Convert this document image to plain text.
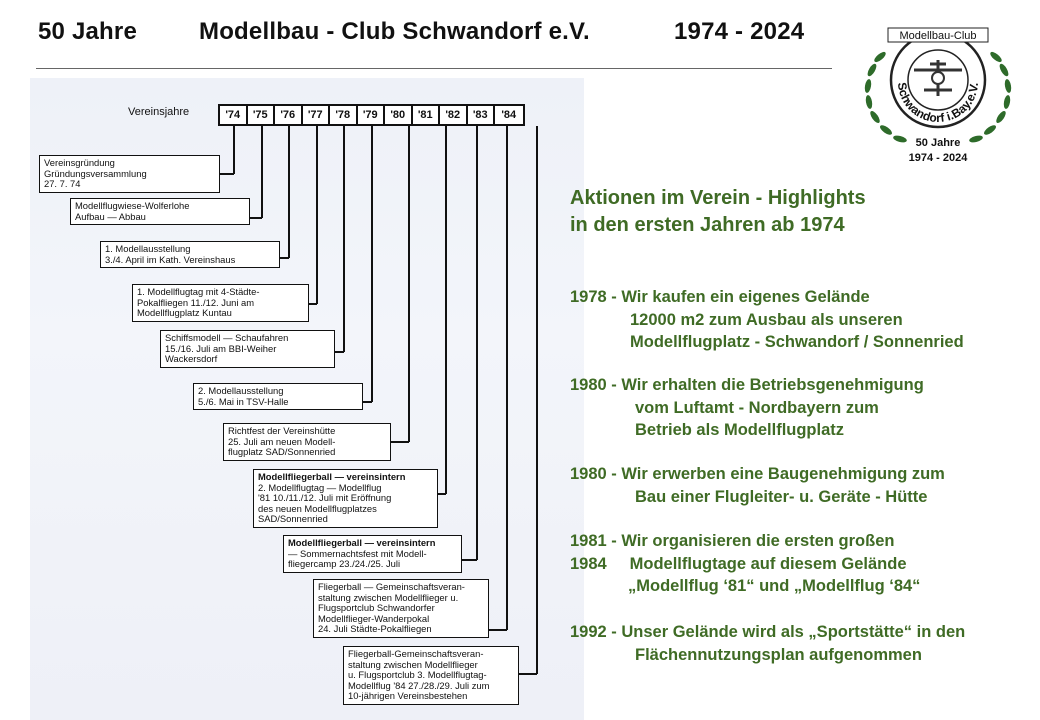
50 Jahre	Modellbau - Club Schwandorf e.V.	1974 - 2024	Modellbau-Club
Schwandorf i.Bay.e.V.
50 Jahre
1974 - 2024

Vereinsjahre	'74	'75	'76	'77	'78	'79	'80	'81	'82	'83	'84
Vereinsgründung
Gründungsversammlung
27. 7. 74
Modellflugwiese-Wolferlohe
Aufbau — Abbau
1. Modellausstellung
3./4. April im Kath. Vereinshaus
1. Modellflugtag mit 4-Städte-
Pokalfliegen 11./12. Juni am
Modellflugplatz Kuntau
Schiffsmodell — Schaufahren
15./16. Juli am BBI-Weiher
Wackersdorf
2. Modellausstellung
5./6. Mai in TSV-Halle
Richtfest der Vereinshütte
25. Juli am neuen Modell-
flugplatz SAD/Sonnenried
Modellfliegerball — vereinsintern
2. Modellflugtag — Modellflug
'81 10./11./12. Juli mit Eröffnung
des neuen Modellflugplatzes
SAD/Sonnenried
Modellfliegerball — vereinsintern
— Sommernachtsfest mit Modell-
fliegercamp 23./24./25. Juli
Fliegerball — Gemeinschaftsveran-
staltung zwischen Modellflieger u.
Flugsportclub Schwandorfer
Modellflieger-Wanderpokal
24. Juli Städte-Pokalfliegen
Fliegerball-Gemeinschaftsveran-
staltung zwischen Modellflieger
u. Flugsportclub 3. Modellflugtag-
Modellflug '84 27./28./29. Juli zum
10-jährigen Vereinsbestehen
Aktionen im Verein - Highlights
in den ersten Jahren ab 1974
1978 - Wir kaufen ein eigenes Gelände
12000 m2 zum Ausbau als unseren
Modellflugplatz - Schwandorf / Sonnenried
1980 - Wir erhalten die Betriebsgenehmigung
vom Luftamt - Nordbayern zum
Betrieb als Modellflugplatz
1980 - Wir erwerben eine Baugenehmigung zum
Bau einer Flugleiter- u. Geräte - Hütte
1981 - Wir organisieren die ersten großen
1984     Modellflugtage auf diesem Gelände
„Modellflug ‘81“ und „Modellflug ‘84“
1992 - Unser Gelände wird als „Sportstätte“ in den
Flächennutzungsplan aufgenommen
